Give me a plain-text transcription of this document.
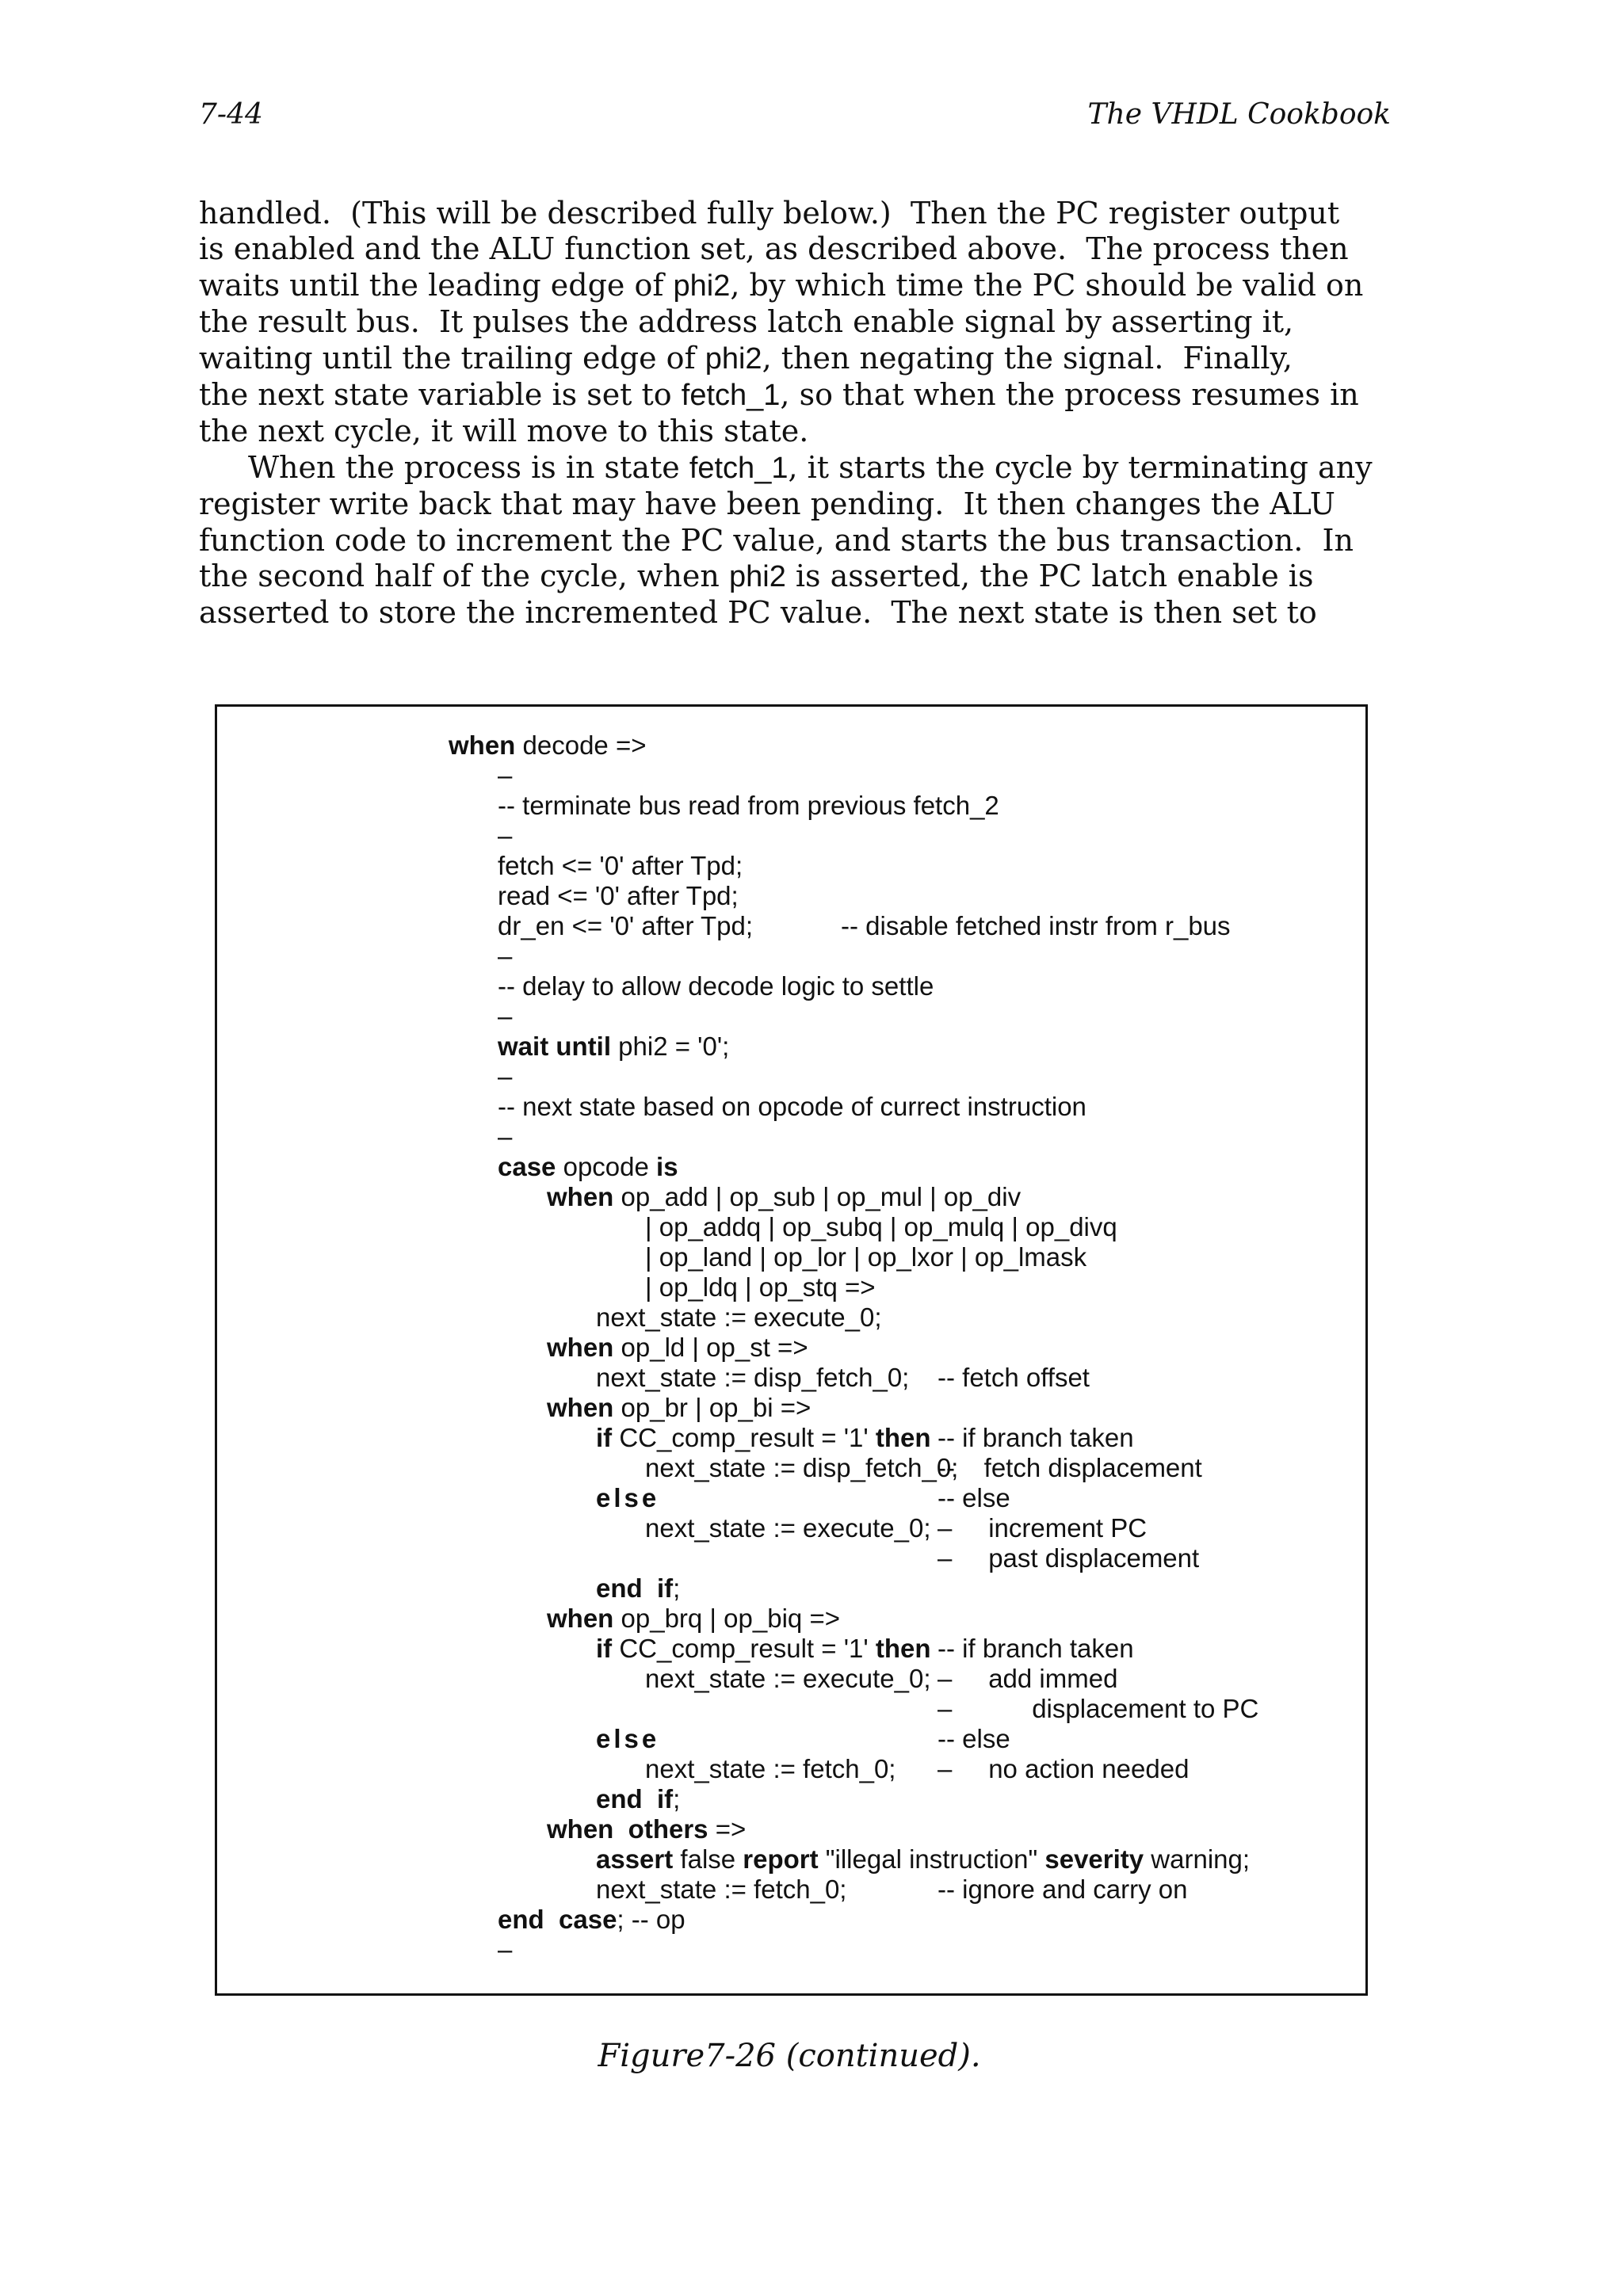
7-44	The VHDL Cookbook
handled.  (This will be described fully below.)  Then the PC register output
is enabled and the ALU function set, as described above.  The process then
waits until the leading edge of phi2, by which time the PC should be valid on
the result bus.  It pulses the address latch enable signal by asserting it,
waiting until the trailing edge of phi2, then negating the signal.  Finally,
the next state variable is set to fetch_1, so that when the process resumes in
the next cycle, it will move to this state.
When the process is in state fetch_1, it starts the cycle by terminating any
register write back that may have been pending.  It then changes the ALU
function code to increment the PC value, and starts the bus transaction.  In
the second half of the cycle, when phi2 is asserted, the PC latch enable is
asserted to store the incremented PC value.  The next state is then set to
when decode =>
–
-- terminate bus read from previous fetch_2
–
fetch <= '0' after Tpd;
read <= '0' after Tpd;
dr_en <= '0' after Tpd;	-- disable fetched instr from r_bus
–
-- delay to allow decode logic to settle
–
wait until phi2 = '0';
–
-- next state based on opcode of currect instruction
–
case opcode is
when op_add | op_sub | op_mul | op_div
| op_addq | op_subq | op_mulq | op_divq
| op_land | op_lor | op_lxor | op_lmask
| op_ldq | op_stq =>
next_state := execute_0;
when op_ld | op_st =>
next_state := disp_fetch_0; -- fetch offset
when op_br | op_bi =>
if CC_comp_result = '1' then -- if branch taken
next_state := disp_fetch_0;
--    fetch displacement
else	-- else
next_state := execute_0; –     increment PC
–     past displacement
end  if;
when op_brq | op_biq =>
if CC_comp_result = '1' then -- if branch taken
next_state := execute_0; –     add immed
–           displacement to PC
else	-- else
next_state := fetch_0; –     no action needed
end  if;
when  others =>
assert false report "illegal instruction" severity warning;
next_state := fetch_0;	-- ignore and carry on
end  case; -- op
–
Figure7-26 (continued).
